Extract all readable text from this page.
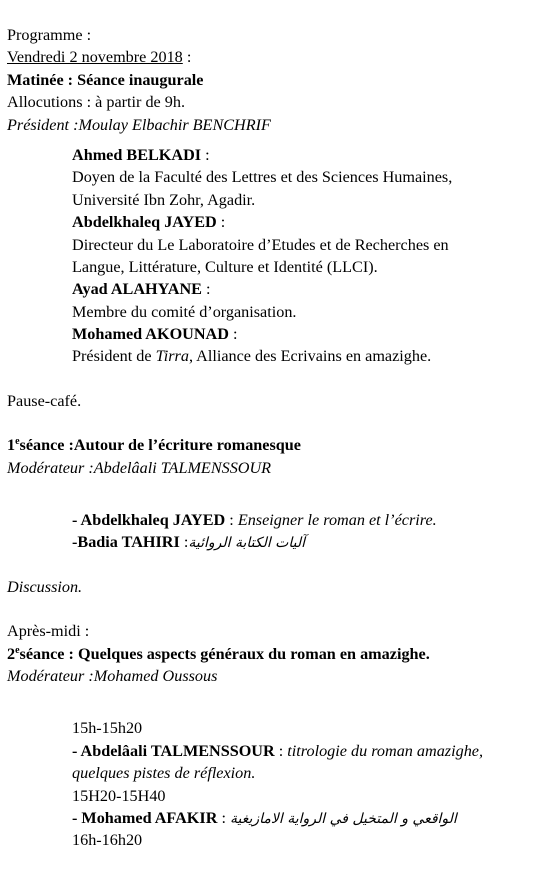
Programme :
Vendredi 2 novembre 2018 :
Matinée : Séance inaugurale
Allocutions : à partir de 9h.
Président :Moulay Elbachir BENCHRIF
Ahmed BELKADI :
Doyen de la Faculté des Lettres et des Sciences Humaines,
Université Ibn Zohr, Agadir.
Abdelkhaleq JAYED :
Directeur du Le Laboratoire d’Etudes et de Recherches en
Langue, Littérature, Culture et Identité (LLCI).
Ayad ALAHYANE :
Membre du comité d’organisation.
Mohamed AKOUNAD :
Président de Tirra, Alliance des Ecrivains en amazighe.
Pause-café.
1eséance :Autour de l’écriture romanesque
Modérateur :Abdelâali TALMENSSOUR
- Abdelkhaleq JAYED : Enseigner le roman et l’écrire.
-Badia TAHIRI :آليات الكتابة الروائية
Discussion.
Après-midi :
2eséance : Quelques aspects généraux du roman en amazighe.
Modérateur :Mohamed Oussous
15h-15h20
- Abdelâali TALMENSSOUR : titrologie du roman amazighe,
quelques pistes de réflexion.
15H20-15H40
- Mohamed AFAKIR : الواقعي و المتخيل في الرواية الامازيغية
16h-16h20
